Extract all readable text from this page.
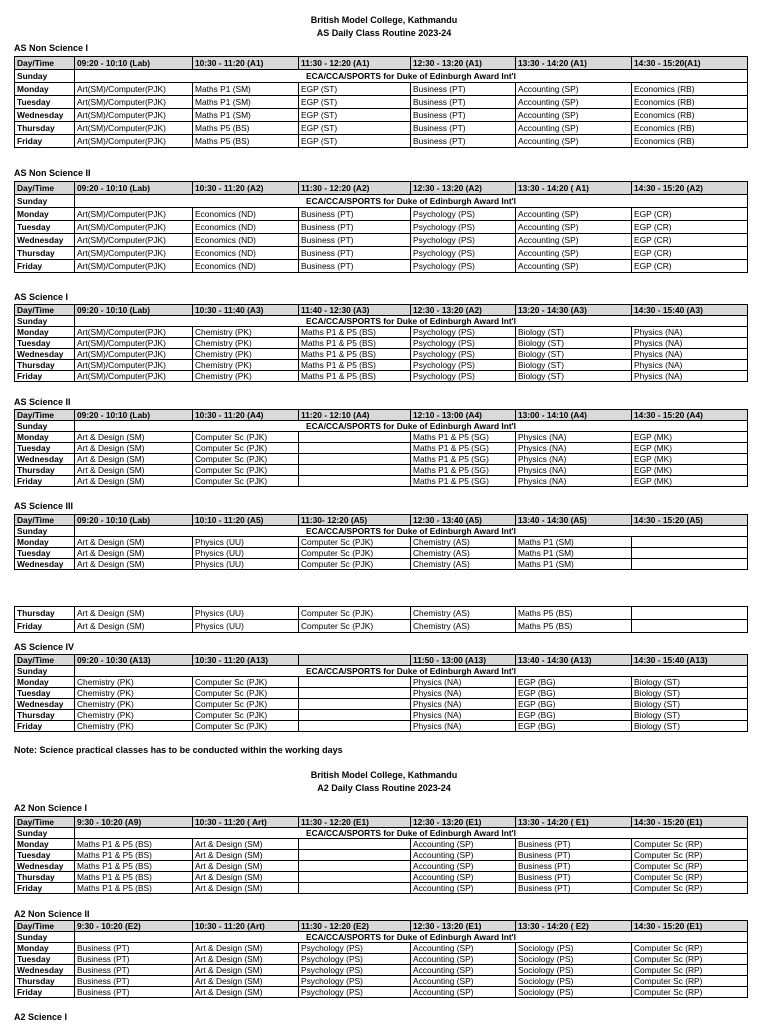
British Model College, Kathmandu
AS Daily Class Routine 2023-24
AS Non Science I
Day/Time	09:20 - 10:10 (Lab)	10:30 - 11:20 (A1)	11:30 - 12:20 (A1)	12:30 - 13:20 (A1)	13:30 - 14:20 (A1)	14:30 - 15:20(A1)
Sunday	ECA/CCA/SPORTS for Duke of Edinburgh Award Int'l					
Monday	Art(SM)/Computer(PJK)	Maths P1 (SM)	EGP (ST)	Business (PT)	Accounting (SP)	Economics (RB)
Tuesday	Art(SM)/Computer(PJK)	Maths P1 (SM)	EGP (ST)	Business (PT)	Accounting (SP)	Economics (RB)
Wednesday	Art(SM)/Computer(PJK)	Maths P1 (SM)	EGP (ST)	Business (PT)	Accounting (SP)	Economics (RB)
Thursday	Art(SM)/Computer(PJK)	Maths P5 (BS)	EGP (ST)	Business (PT)	Accounting (SP)	Economics (RB)
Friday	Art(SM)/Computer(PJK)	Maths P5 (BS)	EGP (ST)	Business (PT)	Accounting (SP)	Economics (RB)
AS Non Science II
Day/Time	09:20 - 10:10 (Lab)	10:30 - 11:20 (A2)	11:30 - 12:20 (A2)	12:30 - 13:20 (A2)	13:30 - 14:20 ( A1)	14:30 - 15:20 (A2)
Sunday	ECA/CCA/SPORTS for Duke of Edinburgh Award Int'l					
Monday	Art(SM)/Computer(PJK)	Economics (ND)	Business (PT)	Psychology (PS)	Accounting (SP)	EGP (CR)
Tuesday	Art(SM)/Computer(PJK)	Economics (ND)	Business (PT)	Psychology (PS)	Accounting (SP)	EGP (CR)
Wednesday	Art(SM)/Computer(PJK)	Economics (ND)	Business (PT)	Psychology (PS)	Accounting (SP)	EGP (CR)
Thursday	Art(SM)/Computer(PJK)	Economics (ND)	Business (PT)	Psychology (PS)	Accounting (SP)	EGP (CR)
Friday	Art(SM)/Computer(PJK)	Economics (ND)	Business (PT)	Psychology (PS)	Accounting (SP)	EGP (CR)
AS Science I
Day/Time	09:20 - 10:10 (Lab)	10:30 - 11:40 (A3)	11:40 - 12:30 (A3)	12:30 - 13:20 (A2)	13:20 - 14:30 (A3)	14:30 - 15:40 (A3)
Sunday	ECA/CCA/SPORTS for Duke of Edinburgh Award Int'l					
Monday	Art(SM)/Computer(PJK)	Chemistry (PK)	Maths P1 & P5 (BS)	Psychology (PS)	Biology (ST)	Physics (NA)
Tuesday	Art(SM)/Computer(PJK)	Chemistry (PK)	Maths P1 & P5 (BS)	Psychology (PS)	Biology (ST)	Physics (NA)
Wednesday	Art(SM)/Computer(PJK)	Chemistry (PK)	Maths P1 & P5 (BS)	Psychology (PS)	Biology (ST)	Physics (NA)
Thursday	Art(SM)/Computer(PJK)	Chemistry (PK)	Maths P1 & P5 (BS)	Psychology (PS)	Biology (ST)	Physics (NA)
Friday	Art(SM)/Computer(PJK)	Chemistry (PK)	Maths P1 & P5 (BS)	Psychology (PS)	Biology (ST)	Physics (NA)
AS Science II
Day/Time	09:20 - 10:10 (Lab)	10:30 - 11:20 (A4)	11:20 - 12:10 (A4)	12:10 - 13:00 (A4)	13:00 - 14:10 (A4)	14:30 - 15:20 (A4)
Sunday	ECA/CCA/SPORTS for Duke of Edinburgh Award Int'l					
Monday	Art & Design (SM)	Computer Sc (PJK)		Maths P1 & P5 (SG)	Physics (NA)	EGP (MK)
Tuesday	Art & Design (SM)	Computer Sc (PJK)		Maths P1 & P5 (SG)	Physics (NA)	EGP (MK)
Wednesday	Art & Design (SM)	Computer Sc (PJK)		Maths P1 & P5 (SG)	Physics (NA)	EGP (MK)
Thursday	Art & Design (SM)	Computer Sc (PJK)		Maths P1 & P5 (SG)	Physics (NA)	EGP (MK)
Friday	Art & Design (SM)	Computer Sc (PJK)		Maths P1 & P5 (SG)	Physics (NA)	EGP (MK)
AS Science III
Day/Time	09:20 - 10:10 (Lab)	10:10 - 11:20 (A5)	11:30- 12:20 (A5)	12:30 - 13:40 (A5)	13:40 - 14:30 (A5)	14:30 - 15:20 (A5)
Sunday	ECA/CCA/SPORTS for Duke of Edinburgh Award Int'l					
Monday	Art & Design (SM)	Physics (UU)	Computer Sc (PJK)	Chemistry (AS)	Maths P1 (SM)	
Tuesday	Art & Design (SM)	Physics (UU)	Computer Sc (PJK)	Chemistry (AS)	Maths P1 (SM)	
Wednesday	Art & Design (SM)	Physics (UU)	Computer Sc (PJK)	Chemistry (AS)	Maths P1 (SM)	
Thursday	Art & Design (SM)	Physics (UU)	Computer Sc (PJK)	Chemistry (AS)	Maths P5 (BS)	
Friday	Art & Design (SM)	Physics (UU)	Computer Sc (PJK)	Chemistry (AS)	Maths P5 (BS)	
AS Science IV
Day/Time	09:20 - 10:30 (A13)	10:30 - 11:20 (A13)		11:50 - 13:00 (A13)	13:40 - 14:30 (A13)	14:30 - 15:40 (A13)
Sunday	ECA/CCA/SPORTS for Duke of Edinburgh Award Int'l					
Monday	Chemistry (PK)	Computer Sc (PJK)		Physics (NA)	EGP (BG)	Biology (ST)
Tuesday	Chemistry (PK)	Computer Sc (PJK)		Physics (NA)	EGP (BG)	Biology (ST)
Wednesday	Chemistry (PK)	Computer Sc (PJK)		Physics (NA)	EGP (BG)	Biology (ST)
Thursday	Chemistry (PK)	Computer Sc (PJK)		Physics (NA)	EGP (BG)	Biology (ST)
Friday	Chemistry (PK)	Computer Sc (PJK)		Physics (NA)	EGP (BG)	Biology (ST)
Note: Science practical classes has to be conducted within the working days
British Model College, Kathmandu
A2 Daily Class Routine 2023-24
A2 Non Science I
Day/Time	9:30 - 10:20 (A9)	10:30 - 11:20 ( Art)	11:30 - 12:20 (E1)	12:30 - 13:20 (E1)	13:30 - 14:20 ( E1)	14:30 - 15:20 (E1)
Sunday	ECA/CCA/SPORTS for Duke of Edinburgh Award Int'l					
Monday	Maths P1 & P5 (BS)	Art & Design (SM)		Accounting (SP)	Business (PT)	Computer Sc (RP)
Tuesday	Maths P1 & P5 (BS)	Art & Design (SM)		Accounting (SP)	Business (PT)	Computer Sc (RP)
Wednesday	Maths P1 & P5 (BS)	Art & Design (SM)		Accounting (SP)	Business (PT)	Computer Sc (RP)
Thursday	Maths P1 & P5 (BS)	Art & Design (SM)		Accounting (SP)	Business (PT)	Computer Sc (RP)
Friday	Maths P1 & P5 (BS)	Art & Design (SM)		Accounting (SP)	Business (PT)	Computer Sc (RP)
A2 Non Science II
Day/Time	9:30 - 10:20 (E2)	10:30 - 11:20 (Art)	11:30 - 12:20 (E2)	12:30 - 13:20 (E1)	13:30 - 14:20 ( E2)	14:30 - 15:20 (E1)
Sunday	ECA/CCA/SPORTS for Duke of Edinburgh Award Int'l					
Monday	Business (PT)	Art & Design (SM)	Psychology (PS)	Accounting (SP)	Sociology (PS)	Computer Sc (RP)
Tuesday	Business (PT)	Art & Design (SM)	Psychology (PS)	Accounting (SP)	Sociology (PS)	Computer Sc (RP)
Wednesday	Business (PT)	Art & Design (SM)	Psychology (PS)	Accounting (SP)	Sociology (PS)	Computer Sc (RP)
Thursday	Business (PT)	Art & Design (SM)	Psychology (PS)	Accounting (SP)	Sociology (PS)	Computer Sc (RP)
Friday	Business (PT)	Art & Design (SM)	Psychology (PS)	Accounting (SP)	Sociology (PS)	Computer Sc (RP)
A2 Science I
